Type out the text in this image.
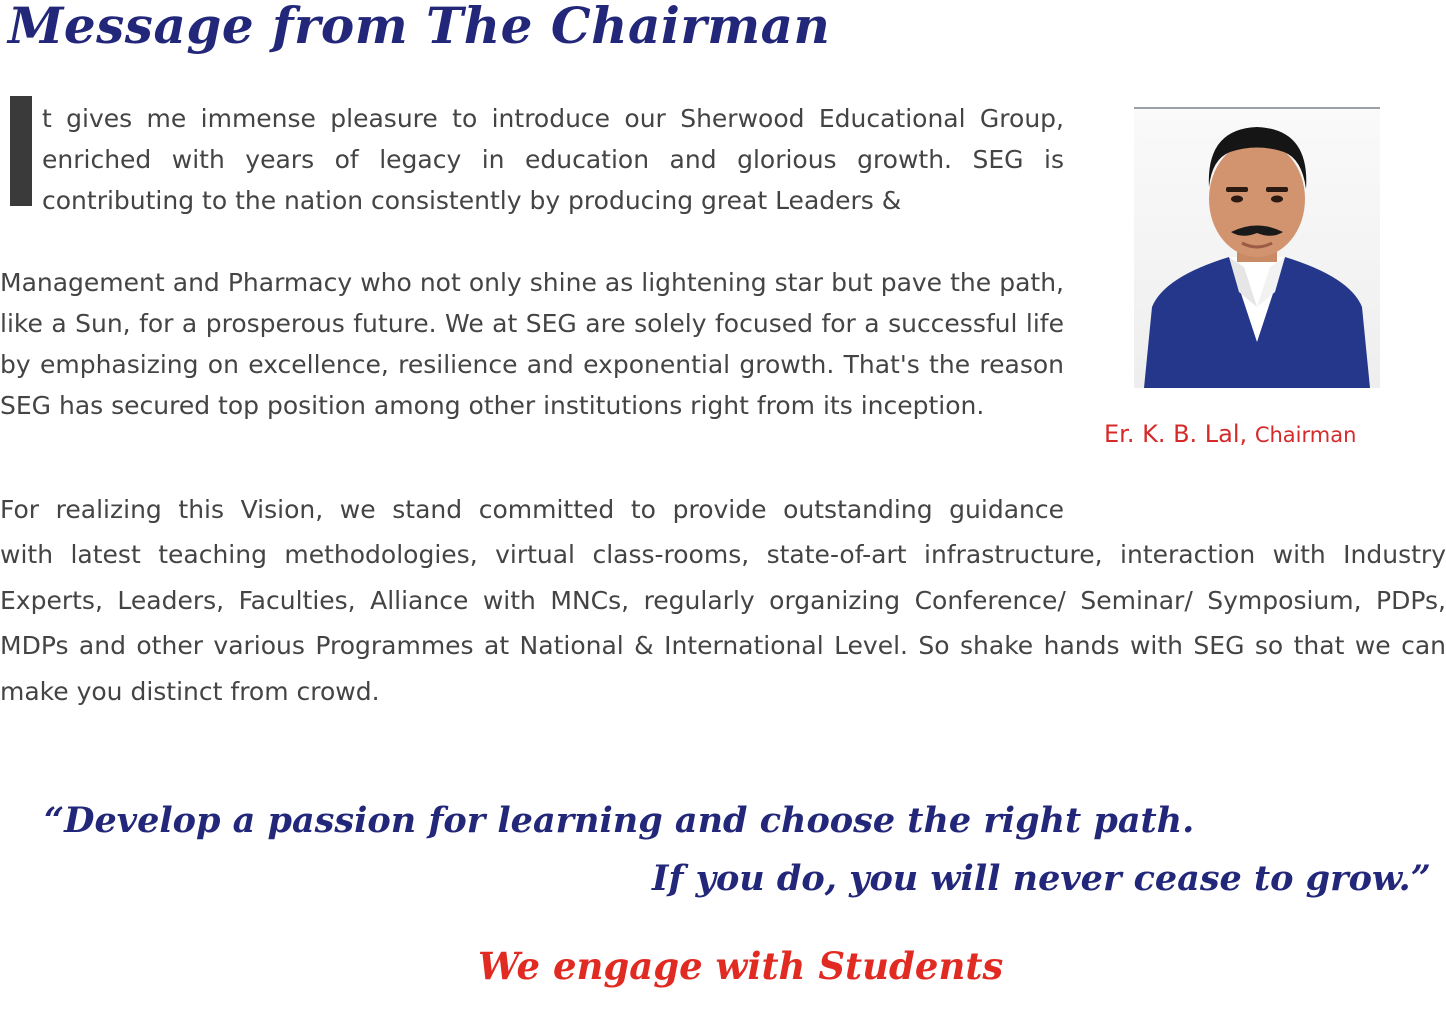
Message from The Chairman
t gives me immense pleasure to introduce our Sherwood Educational Group, enriched with years of legacy in education and glorious growth. SEG is contributing to the nation consistently by producing great Leaders &
Management and Pharmacy who not only shine as lightening star but pave the path, like a Sun, for a prosperous future. We at SEG are solely focused for a successful life by emphasizing on excellence, resilience and exponential growth. That's the reason SEG has secured top position among other institutions right from its inception.
For realizing this Vision, we stand committed to provide outstanding guidance
with latest teaching methodologies, virtual class-rooms, state-of-art infrastructure, interaction with Industry Experts, Leaders, Faculties, Alliance with MNCs, regularly organizing Conference/ Seminar/ Symposium, PDPs, MDPs and other various Programmes at National & International Level. So shake hands with SEG so that we can make you distinct from crowd.
Er. K. B. Lal, Chairman
“Develop a passion for learning and choose the right path.
If you do, you will never cease to grow.”
We engage with Students
